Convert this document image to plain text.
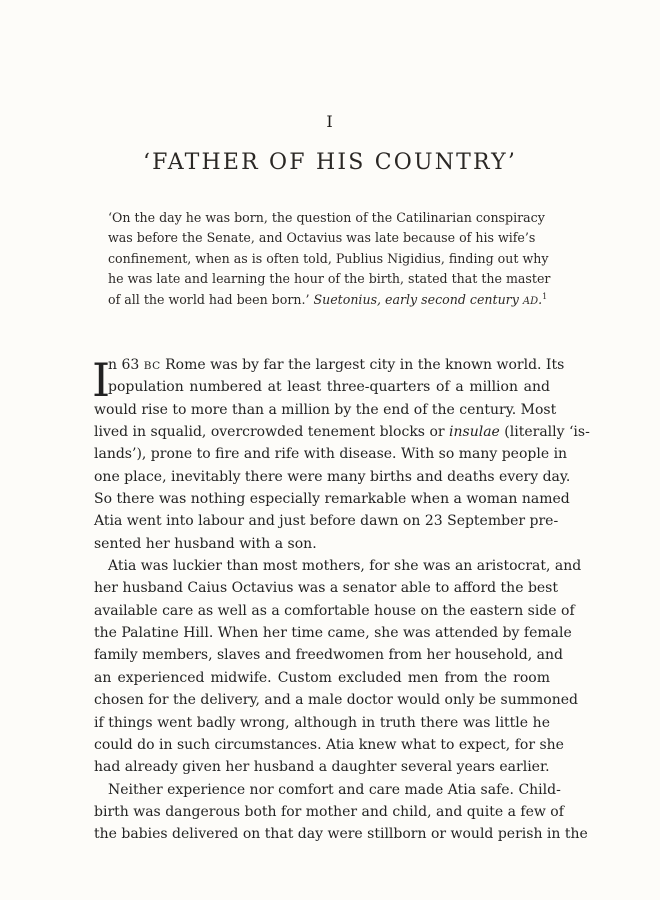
I
‘FATHER OF HIS COUNTRY’
‘On the day he was born, the question of the Catilinarian conspiracy
was before the Senate, and Octavius was late because of his wife’s
confinement, when as is often told, Publius Nigidius, finding out why
he was late and learning the hour of the birth, stated that the master
of all the world had been born.’ Suetonius, early second century AD.$^1$
I
n 63 BC Rome was by far the largest city in the known world. Its
population numbered at least three-quarters of a million and
would rise to more than a million by the end of the century. Most
lived in squalid, overcrowded tenement blocks or insulae (literally ‘is-
lands’), prone to fire and rife with disease. With so many people in
one place, inevitably there were many births and deaths every day.
So there was nothing especially remarkable when a woman named
Atia went into labour and just before dawn on 23 September pre-
sented her husband with a son.
Atia was luckier than most mothers, for she was an aristocrat, and
her husband Caius Octavius was a senator able to afford the best
available care as well as a comfortable house on the eastern side of
the Palatine Hill. When her time came, she was attended by female
family members, slaves and freedwomen from her household, and
an experienced midwife. Custom excluded men from the room
chosen for the delivery, and a male doctor would only be summoned
if things went badly wrong, although in truth there was little he
could do in such circumstances. Atia knew what to expect, for she
had already given her husband a daughter several years earlier.
Neither experience nor comfort and care made Atia safe. Child-
birth was dangerous both for mother and child, and quite a few of
the babies delivered on that day were stillborn or would perish in the
